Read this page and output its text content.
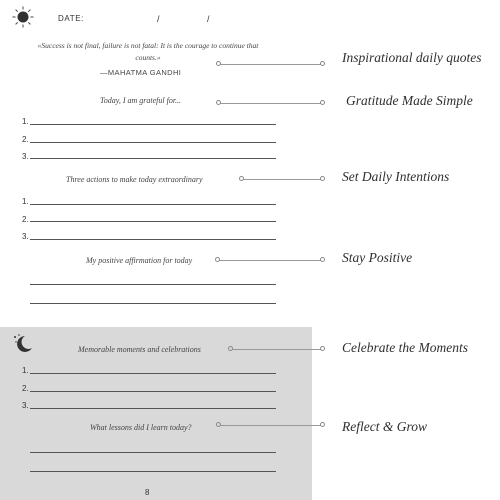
DATE:	/	/
«Success is not final, failure is not fatal: It is the courage to continue that counts.»
—MAHATMA GANDHI
Today, I am grateful for...
1.
2.
3.
Three actions to make today extraordinary
1.
2.
3.
My positive affirmation for today
Memorable moments and celebrations
1.
2.
3.
What lessons did I learn today?
8
Inspirational daily quotes
Gratitude Made Simple
Set Daily Intentions
Stay Positive
Celebrate the Moments
Reflect & Grow
